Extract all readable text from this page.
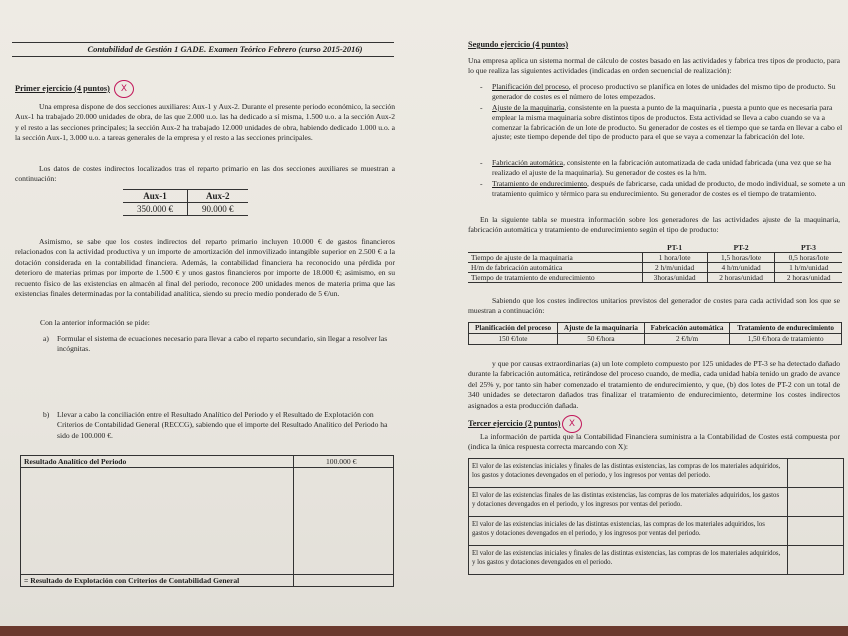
Contabilidad de Gestión 1 GADE. Examen Teórico Febrero (curso 2015-2016)
Primer ejercicio (4 puntos)	X
Una empresa dispone de dos secciones auxiliares: Aux-1 y Aux-2. Durante el presente periodo económico, la sección Aux-1 ha trabajado 20.000 unidades de obra, de las que 2.000 u.o. las ha dedicado a sí misma, 1.500 u.o. a la sección Aux-2 y el resto a las secciones principales; la sección Aux-2 ha trabajado 12.000 unidades de obra, habiendo dedicado 1.000 u.o. a la sección Aux-1, 3.000 u.o. a tareas generales de la empresa y el resto a las secciones principales.
Los datos de costes indirectos localizados tras el reparto primario en las dos secciones auxiliares se muestran a continuación:
Aux-1	Aux-2
350.000 €	90.000 €
Asimismo, se sabe que los costes indirectos del reparto primario incluyen 10.000 € de gastos financieros relacionados con la actividad productiva y un importe de amortización del inmovilizado intangible superior en 2.500 € a la dotación considerada en la contabilidad financiera. Además, la contabilidad financiera ha reconocido una pérdida por deterioro de materias primas por importe de 1.500 € y unos gastos financieros por importe de 18.000 €; asimismo, en su recuento físico de las existencias en almacén al final del periodo, reconoce 200 unidades menos de materia prima que las existencias finales determinadas por la contabilidad analítica, siendo su precio medio ponderado de 5 €/un.
Con la anterior información se pide:
a)	Formular el sistema de ecuaciones necesario para llevar a cabo el reparto secundario, sin llegar a resolver las incógnitas.
b)	Llevar a cabo la conciliación entre el Resultado Analítico del Periodo y el Resultado de Explotación con Criterios de Contabilidad General (RECCG), sabiendo que el importe del Resultado Analítico del Periodo ha sido de 100.000 €.
Resultado Analítico del Periodo	100.000 €
= Resultado de Explotación con Criterios de Contabilidad General
Segundo ejercicio (4 puntos)
Una empresa aplica un sistema normal de cálculo de costes basado en las actividades y fabrica tres tipos de producto, para lo que realiza las siguientes actividades (indicadas en orden secuencial de realización):
- Planificación del proceso, el proceso productivo se planifica en lotes de unidades del mismo tipo de producto. Su generador de costes es el número de lotes empezados.
- Ajuste de la maquinaria, consistente en la puesta a punto de la maquinaria , puesta a punto que es necesaria para emplear la misma maquinaria sobre distintos tipos de productos. Esta actividad se lleva a cabo cuando se va a comenzar la fabricación de un lote de producto. Su generador de costes es el tiempo que se tarda en llevar a cabo el ajuste; este tiempo depende del tipo de producto para el que se vaya a comenzar la fabricación del lote.
- Fabricación automática, consistente en la fabricación automatizada de cada unidad fabricada (una vez que se ha realizado el ajuste de la maquinaria). Su generador de costes es la h/m.
- Tratamiento de endurecimiento, después de fabricarse, cada unidad de producto, de modo individual, se somete a un tratamiento químico y térmico para su endurecimiento. Su generador de costes es el tiempo de tratamiento.
En la siguiente tabla se muestra información sobre los generadores de las actividades ajuste de la maquinaria, fabricación automática y tratamiento de endurecimiento según el tipo de producto:
	PT-1	PT-2	PT-3
Tiempo de ajuste de la maquinaria	1 hora/lote	1,5 horas/lote	0,5 horas/lote
H/m de fabricación automática	2 h/m/unidad	4 h/m/unidad	1 h/m/unidad
Tiempo de tratamiento de endurecimiento	3horas/unidad	2 horas/unidad	2 horas/unidad
Sabiendo que los costes indirectos unitarios previstos del generador de costes para cada actividad son los que se muestran a continuación:
Planificación del proceso	Ajuste de la maquinaria	Fabricación automática	Tratamiento de endurecimiento
150 €/lote	50 €/hora	2 €/h/m	1,50 €/hora de tratamiento
y que por causas extraordinarias (a) un lote completo compuesto por 125 unidades de PT-3 se ha detectado dañado durante la fabricación automática, retirándose del proceso cuando, de media, cada unidad había tenido un grado de avance del 25% y, por tanto sin haber comenzado el tratamiento de endurecimiento, y que, (b) dos lotes de PT-2 con un total de 340 unidades se detectaron dañados tras finalizar el tratamiento de endurecimiento, determine los costes indirectos asignados a esta producción dañada.
Tercer ejercicio (2 puntos) X
La información de partida que la Contabilidad Financiera suministra a la Contabilidad de Costes está compuesta por (indica la única respuesta correcta marcando con X):
El valor de las existencias iniciales y finales de las distintas existencias, las compras de los materiales adquiridos, los gastos y dotaciones devengados en el periodo, y los ingresos por ventas del periodo.
El valor de las existencias finales de las distintas existencias, las compras de los materiales adquiridos, los gastos y dotaciones devengados en el periodo, y los ingresos por ventas del periodo.
El valor de las existencias iniciales de las distintas existencias, las compras de los materiales adquiridos, los gastos y dotaciones devengados en el periodo, y los ingresos por ventas del periodo.
El valor de las existencias iniciales y finales de las distintas existencias, las compras de los materiales adquiridos, y los gastos y dotaciones devengados en el periodo.
